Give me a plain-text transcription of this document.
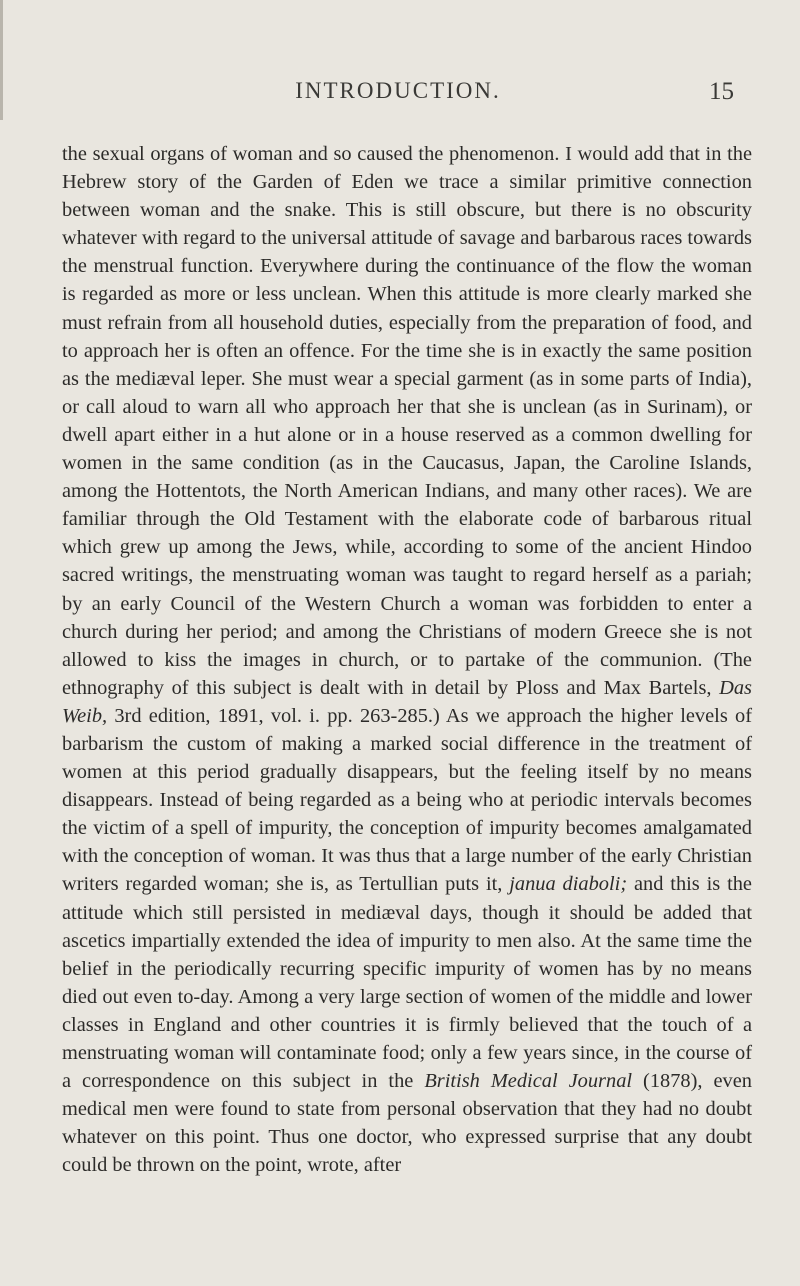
INTRODUCTION.	15
the sexual organs of woman and so caused the phenomenon. I would add that in the Hebrew story of the Garden of Eden we trace a similar primitive connection between woman and the snake. This is still obscure, but there is no obscurity whatever with regard to the universal attitude of savage and barbarous races towards the menstrual function. Everywhere during the continuance of the flow the woman is regarded as more or less unclean. When this attitude is more clearly marked she must refrain from all household duties, especially from the preparation of food, and to approach her is often an offence. For the time she is in exactly the same position as the mediæval leper. She must wear a special garment (as in some parts of India), or call aloud to warn all who approach her that she is unclean (as in Surinam), or dwell apart either in a hut alone or in a house reserved as a common dwelling for women in the same condition (as in the Caucasus, Japan, the Caroline Islands, among the Hottentots, the North American Indians, and many other races). We are familiar through the Old Testament with the elaborate code of barbarous ritual which grew up among the Jews, while, according to some of the ancient Hindoo sacred writings, the menstruating woman was taught to regard herself as a pariah; by an early Council of the Western Church a woman was forbidden to enter a church during her period; and among the Christians of modern Greece she is not allowed to kiss the images in church, or to partake of the communion. (The ethnography of this subject is dealt with in detail by Ploss and Max Bartels, Das Weib, 3rd edition, 1891, vol. i. pp. 263-285.) As we approach the higher levels of barbarism the custom of making a marked social difference in the treatment of women at this period gradually disappears, but the feeling itself by no means disappears. Instead of being regarded as a being who at periodic intervals becomes the victim of a spell of impurity, the conception of impurity becomes amalgamated with the conception of woman. It was thus that a large number of the early Christian writers regarded woman; she is, as Tertullian puts it, janua diaboli; and this is the attitude which still persisted in mediæval days, though it should be added that ascetics impartially extended the idea of impurity to men also. At the same time the belief in the periodically recurring specific impurity of women has by no means died out even to-day. Among a very large section of women of the middle and lower classes in England and other countries it is firmly believed that the touch of a menstruating woman will contaminate food; only a few years since, in the course of a correspondence on this subject in the British Medical Journal (1878), even medical men were found to state from personal observation that they had no doubt whatever on this point. Thus one doctor, who expressed surprise that any doubt could be thrown on the point, wrote, after
